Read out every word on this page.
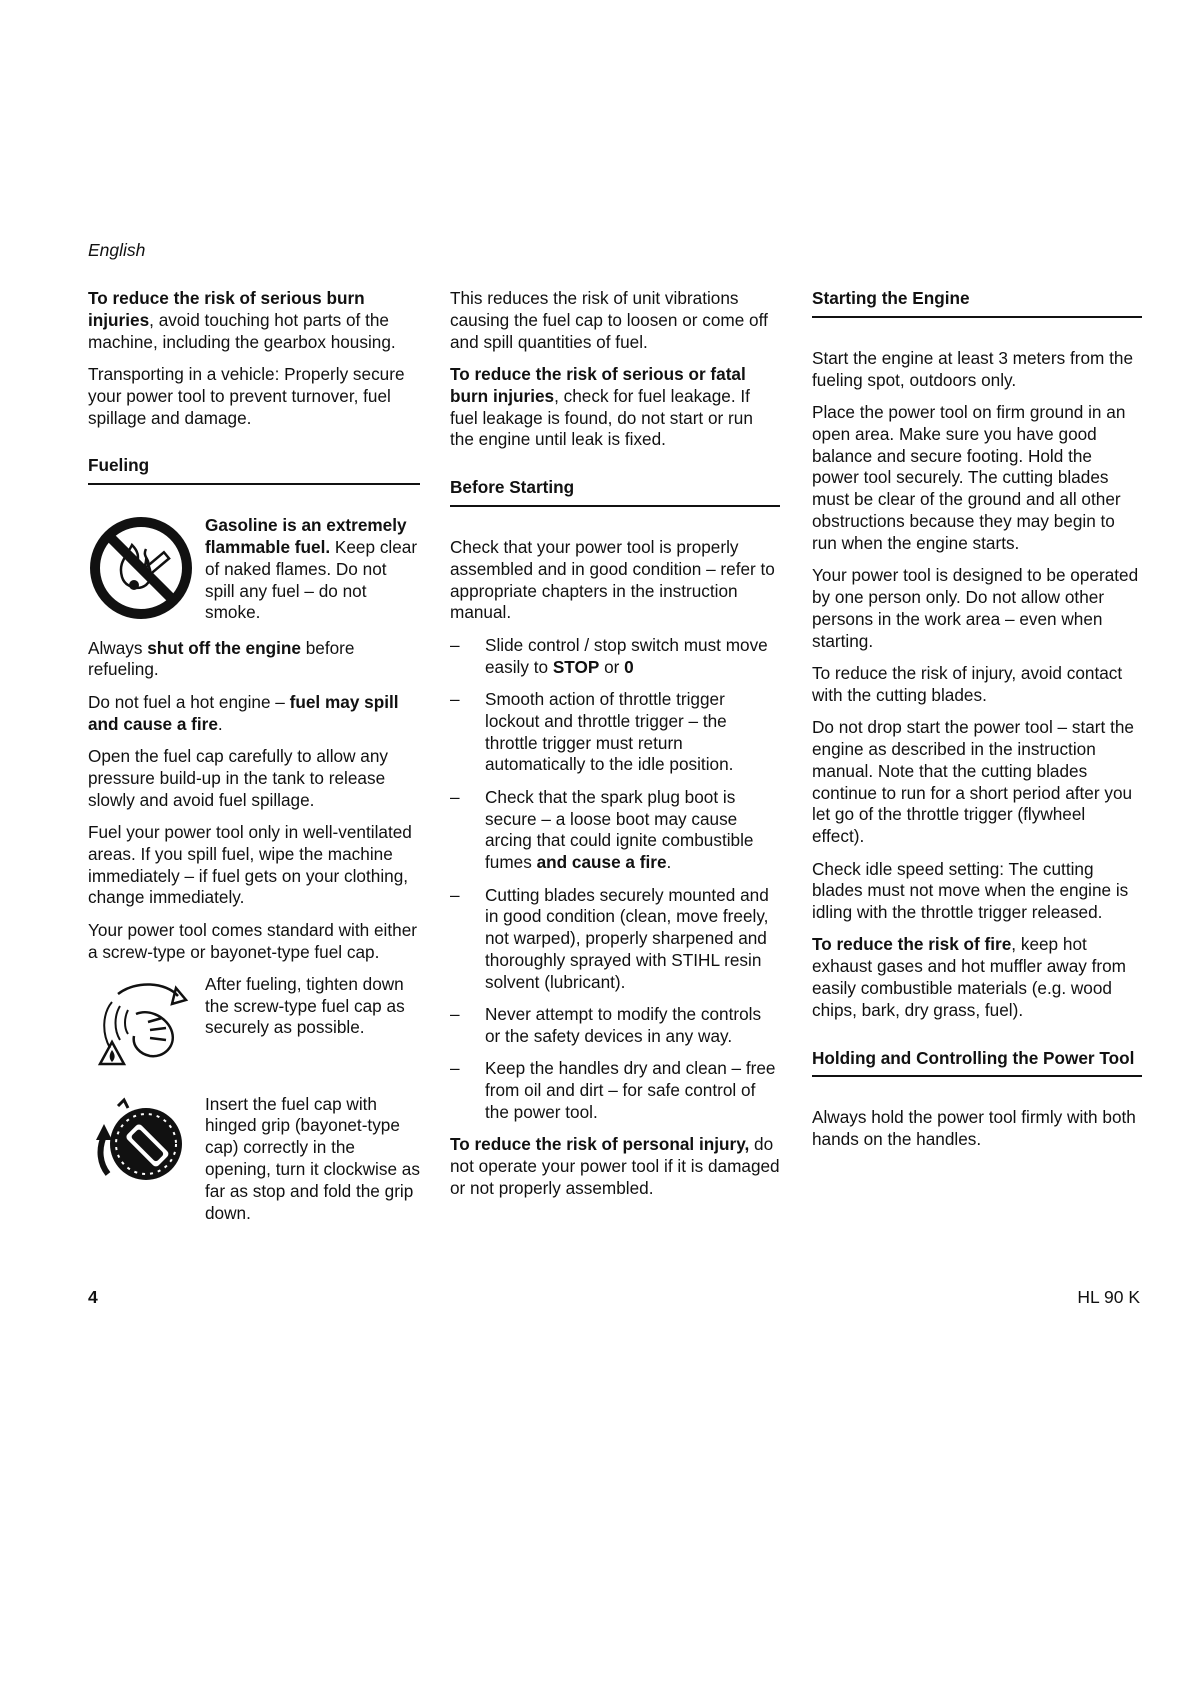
English

To reduce the risk of serious burn injuries, avoid touching hot parts of the machine, including the gearbox housing.

Transporting in a vehicle: Properly secure your power tool to prevent turnover, fuel spillage and damage.

Fueling
Gasoline is an extremely flammable fuel. Keep clear of naked flames. Do not spill any fuel – do not smoke.

Always shut off the engine before refueling.

Do not fuel a hot engine – fuel may spill and cause a fire.

Open the fuel cap carefully to allow any pressure build-up in the tank to release slowly and avoid fuel spillage.

Fuel your power tool only in well-ventilated areas. If you spill fuel, wipe the machine immediately – if fuel gets on your clothing, change immediately.

Your power tool comes standard with either a screw-type or bayonet-type fuel cap.

After fueling, tighten down the screw-type fuel cap as securely as possible.
Insert the fuel cap with hinged grip (bayonet-type cap) correctly in the opening, turn it clockwise as far as stop and fold the grip down.

This reduces the risk of unit vibrations causing the fuel cap to loosen or come off and spill quantities of fuel.

To reduce the risk of serious or fatal burn injuries, check for fuel leakage. If fuel leakage is found, do not start or run the engine until leak is fixed.

Before Starting

Check that your power tool is properly assembled and in good condition – refer to appropriate chapters in the instruction manual.

–	Slide control / stop switch must move easily to STOP or 0
–	Smooth action of throttle trigger lockout and throttle trigger – the throttle trigger must return automatically to the idle position.
–	Check that the spark plug boot is secure – a loose boot may cause arcing that could ignite combustible fumes and cause a fire.
–	Cutting blades securely mounted and in good condition (clean, move freely, not warped), properly sharpened and thoroughly sprayed with STIHL resin solvent (lubricant).
–	Never attempt to modify the controls or the safety devices in any way.
–	Keep the handles dry and clean – free from oil and dirt – for safe control of the power tool.

To reduce the risk of personal injury, do not operate your power tool if it is damaged or not properly assembled.

Starting the Engine

Start the engine at least 3 meters from the fueling spot, outdoors only.

Place the power tool on firm ground in an open area. Make sure you have good balance and secure footing. Hold the power tool securely. The cutting blades must be clear of the ground and all other obstructions because they may begin to run when the engine starts.

Your power tool is designed to be operated by one person only. Do not allow other persons in the work area – even when starting.

To reduce the risk of injury, avoid contact with the cutting blades.

Do not drop start the power tool – start the engine as described in the instruction manual. Note that the cutting blades continue to run for a short period after you let go of the throttle trigger (flywheel effect).

Check idle speed setting: The cutting blades must not move when the engine is idling with the throttle trigger released.

To reduce the risk of fire, keep hot exhaust gases and hot muffler away from easily combustible materials (e.g. wood chips, bark, dry grass, fuel).

Holding and Controlling the Power Tool

Always hold the power tool firmly with both hands on the handles.

4	HL 90 K
